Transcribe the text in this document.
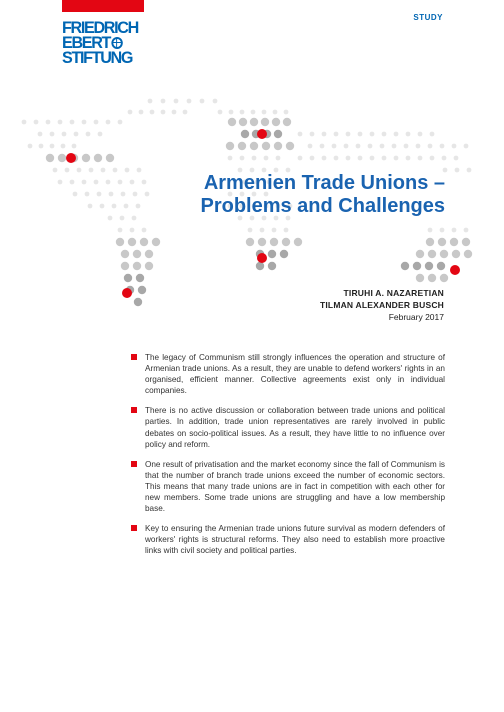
FRIEDRICH
EBERT
STIFTUNG
STUDY
Armenien Trade Unions –
Problems and Challenges
TIRUHI A. NAZARETIAN
TILMAN ALEXANDER BUSCH
February 2017
The legacy of Communism still strongly influences the operation and structure of Armenian trade unions. As a result, they are unable to defend workers' rights in an organised, efficient manner. Collective agreements exist only in individual companies.
There is no active discussion or collaboration between trade unions and political parties. In addition, trade union representatives are rarely involved in public debates on socio-political issues. As a result, they have little to no influence over policy and reform.
One result of privatisation and the market economy since the fall of Communism is that the number of branch trade unions exceed the number of economic sectors. This means that many trade unions are in fact in competition with each other for new members. Some trade unions are struggling and have a low membership base.
Key to ensuring the Armenian trade unions future survival as modern defenders of workers' rights is structural reforms. They also need to establish more proactive links with civil society and political parties.
